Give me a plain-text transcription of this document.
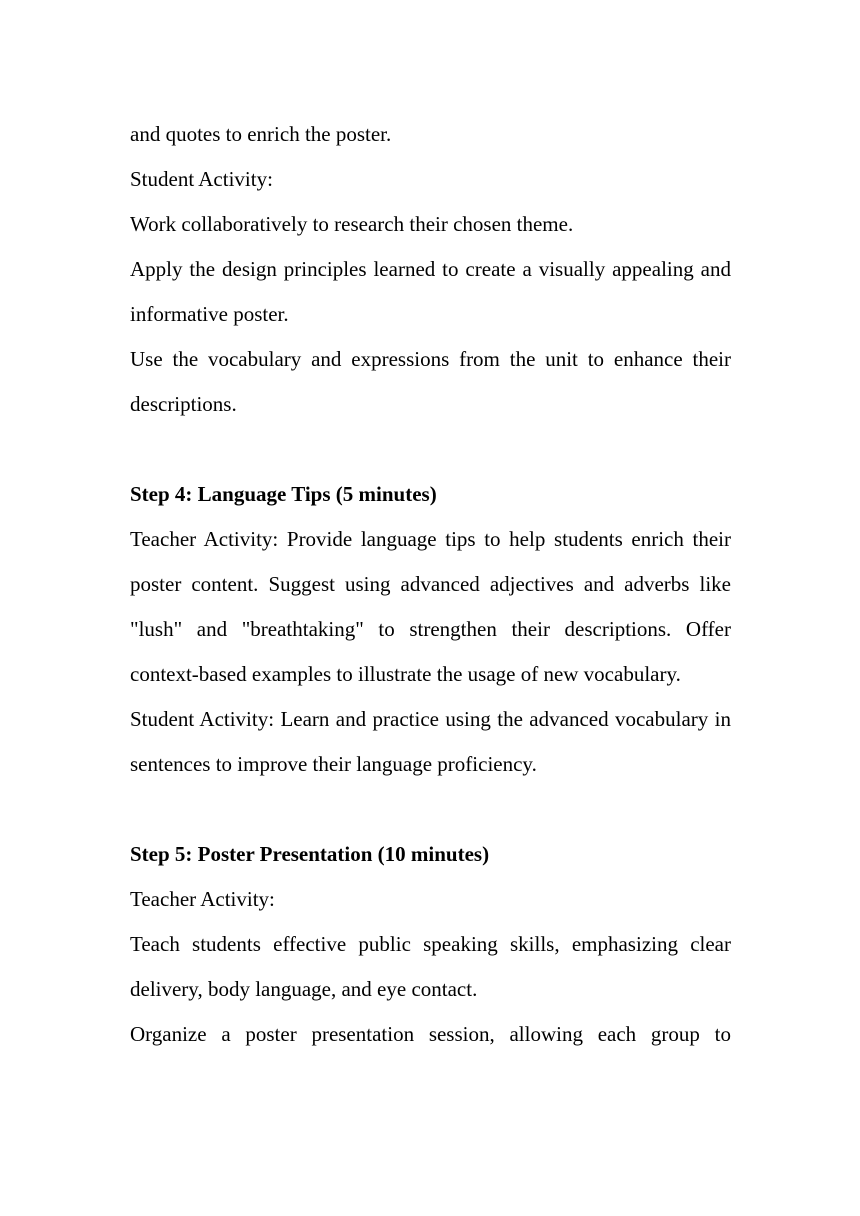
and quotes to enrich the poster.
Student Activity:
Work collaboratively to research their chosen theme.
Apply the design principles learned to create a visually appealing and informative poster.
Use the vocabulary and expressions from the unit to enhance their descriptions.
Step 4: Language Tips (5 minutes)
Teacher Activity: Provide language tips to help students enrich their poster content. Suggest using advanced adjectives and adverbs like "lush" and "breathtaking" to strengthen their descriptions. Offer context-based examples to illustrate the usage of new vocabulary.
Student Activity: Learn and practice using the advanced vocabulary in sentences to improve their language proficiency.
Step 5: Poster Presentation (10 minutes)
Teacher Activity:
Teach students effective public speaking skills, emphasizing clear delivery, body language, and eye contact.
Organize a poster presentation session, allowing each group to
